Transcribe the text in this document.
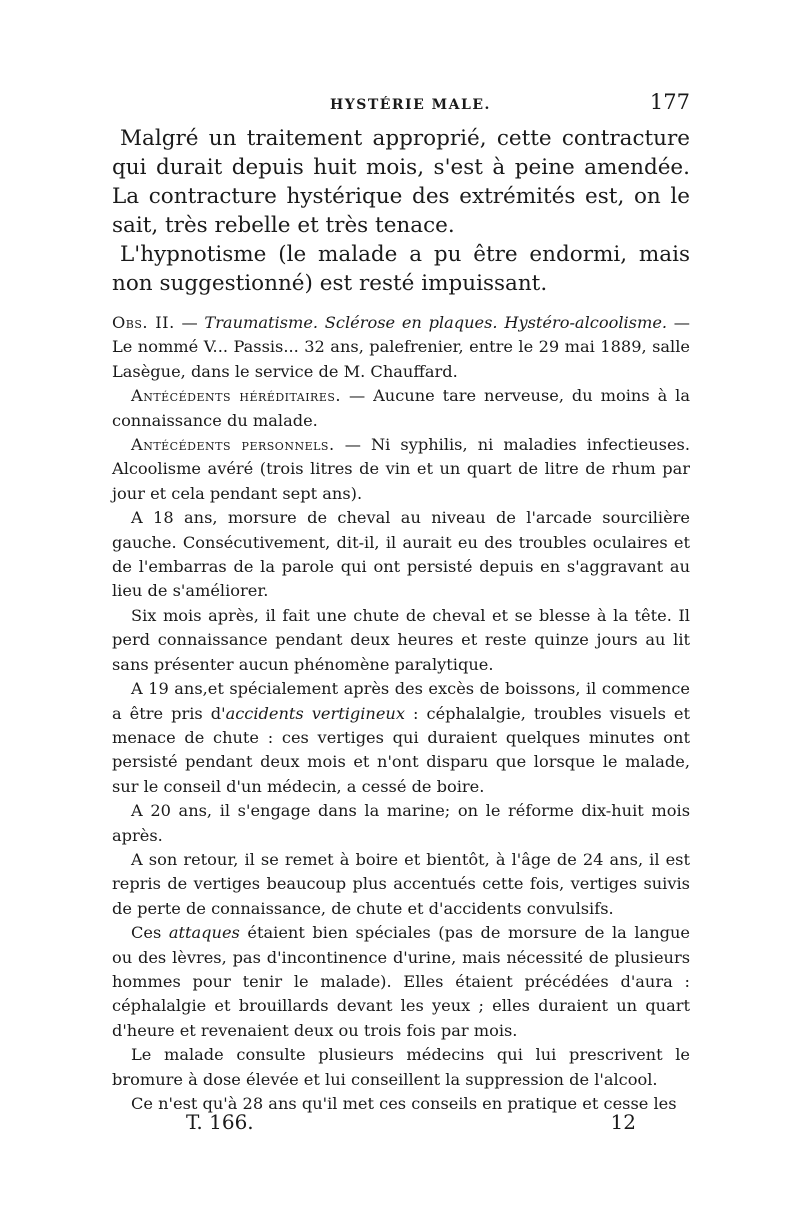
HYSTÉRIE MALE.	177

Malgré un traitement approprié, cette contracture qui durait depuis huit mois, s'est à peine amendée. La contracture hystérique des extrémités est, on le sait, très rebelle et très tenace.

L'hypnotisme (le malade a pu être endormi, mais non suggestionné) est resté impuissant.

Obs. II. — Traumatisme. Sclérose en plaques. Hystéro-alcoolisme. — Le nommé V... Passis... 32 ans, palefrenier, entre le 29 mai 1889, salle Lasègue, dans le service de M. Chauffard.

Antécédents héréditaires. — Aucune tare nerveuse, du moins à la connaissance du malade.

Antécédents personnels. — Ni syphilis, ni maladies infectieuses. Alcoolisme avéré (trois litres de vin et un quart de litre de rhum par jour et cela pendant sept ans).

A 18 ans, morsure de cheval au niveau de l'arcade sourcilière gauche. Consécutivement, dit-il, il aurait eu des troubles oculaires et de l'embarras de la parole qui ont persisté depuis en s'aggravant au lieu de s'améliorer.

Six mois après, il fait une chute de cheval et se blesse à la tête. Il perd connaissance pendant deux heures et reste quinze jours au lit sans présenter aucun phénomène paralytique.

A 19 ans,et spécialement après des excès de boissons, il commence a être pris d'accidents vertigineux : céphalalgie, troubles visuels et menace de chute : ces vertiges qui duraient quelques minutes ont persisté pendant deux mois et n'ont disparu que lorsque le malade, sur le conseil d'un médecin, a cessé de boire.

A 20 ans, il s'engage dans la marine; on le réforme dix-huit mois après.

A son retour, il se remet à boire et bientôt, à l'âge de 24 ans, il est repris de vertiges beaucoup plus accentués cette fois, vertiges suivis de perte de connaissance, de chute et d'accidents convulsifs.

Ces attaques étaient bien spéciales (pas de morsure de la langue ou des lèvres, pas d'incontinence d'urine, mais nécessité de plusieurs hommes pour tenir le malade). Elles étaient précédées d'aura : céphalalgie et brouillards devant les yeux ; elles duraient un quart d'heure et revenaient deux ou trois fois par mois.

Le malade consulte plusieurs médecins qui lui prescrivent le bromure à dose élevée et lui conseillent la suppression de l'alcool.

Ce n'est qu'à 28 ans qu'il met ces conseils en pratique et cesse les

T. 166.	12
